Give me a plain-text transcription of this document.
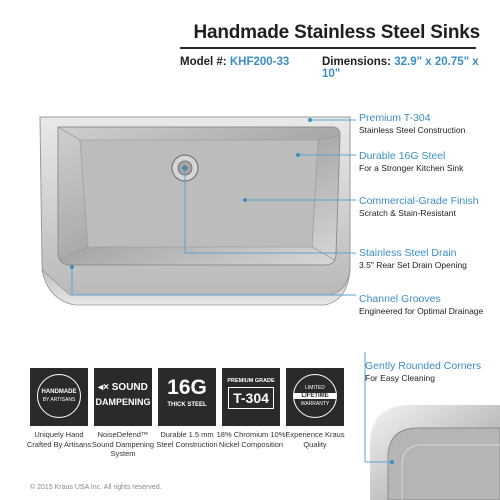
Handmade Stainless Steel Sinks
Model #: KHF200-33	Dimensions: 32.9" x 20.75" x 10"
Premium T-304
Stainless Steel Construction
Durable 16G Steel
For a Stronger Kitchen Sink
Commercial-Grade Finish
Scratch & Stain-Resistant
Stainless Steel Drain
3.5" Rear Set Drain Opening
Channel Grooves
Engineered for Optimal Drainage
Gently Rounded Corners
For Easy Cleaning
HANDMADE
BY ARTISANS
Uniquely Hand Crafted By Artisans
◂× SOUND
DAMPENING
NoiseDefend™ Sound Dampening System
16G
THICK STEEL
Durable 1.5 mm Steel Construction
PREMIUM GRADE
T-304
18% Chromium 10% Nickel Composition
LIMITED
LIFETIME
WARRANTY
Experience Kraus Quality
© 2015 Kraus USA Inc. All rights reserved.
